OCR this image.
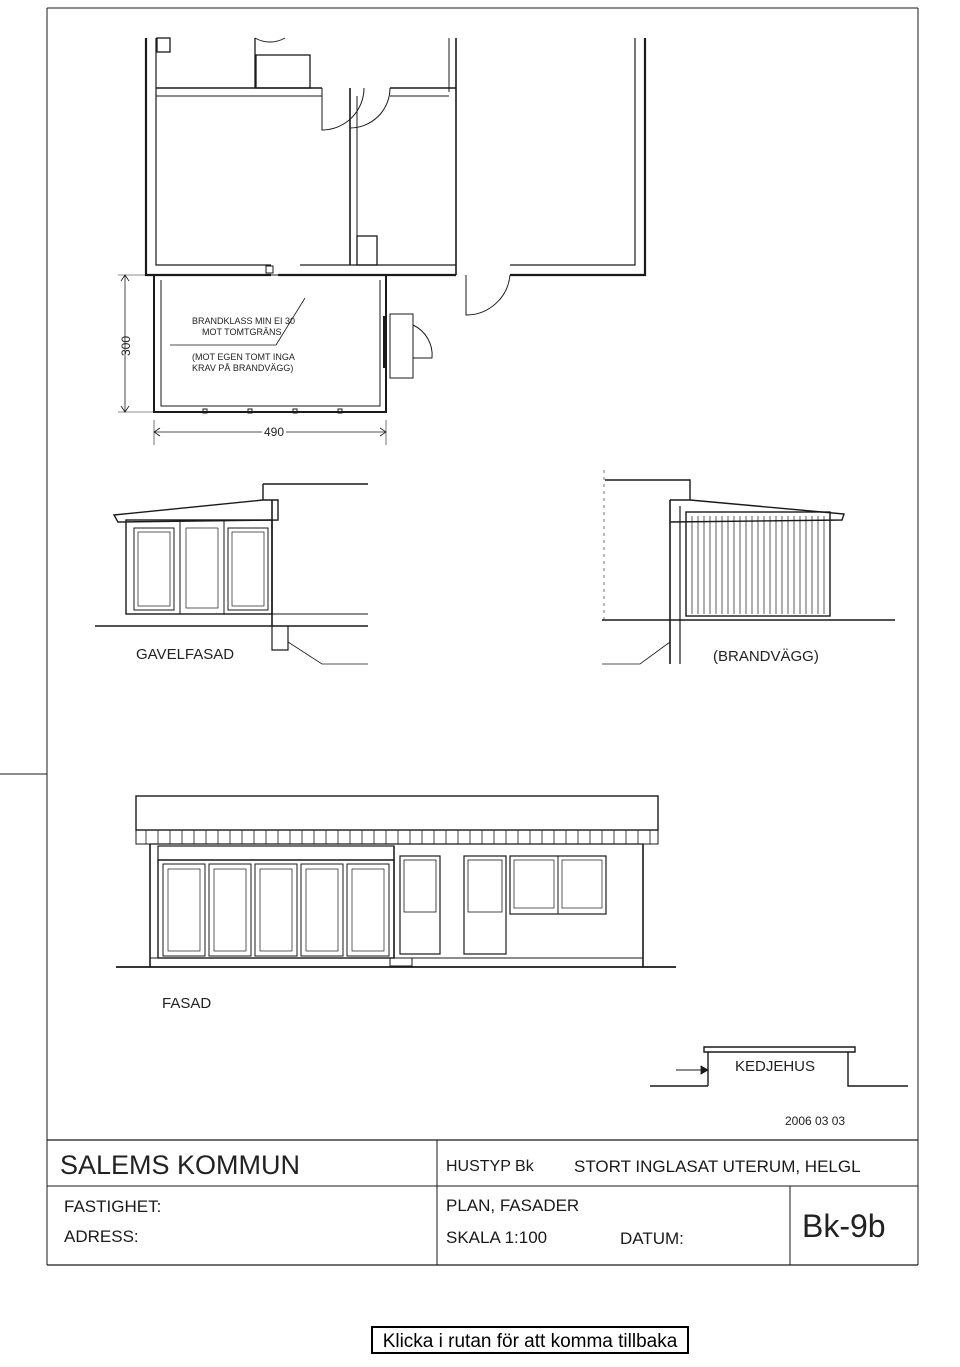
BRANDKLASS MIN EI 30
MOT TOMTGRÄNS
(MOT EGEN TOMT INGA
KRAV PÅ BRANDVÄGG)
300
490
GAVELFASAD	(BRANDVÄGG)
FASAD
KEDJEHUS
2006 03 03
SALEMS KOMMUN
FASTIGHET:
ADRESS:
HUSTYP Bk STORT INGLASAT UTERUM, HELGL
PLAN, FASADER
SKALA 1:100	DATUM:	Bk-9b
Klicka i rutan för att komma tillbaka
